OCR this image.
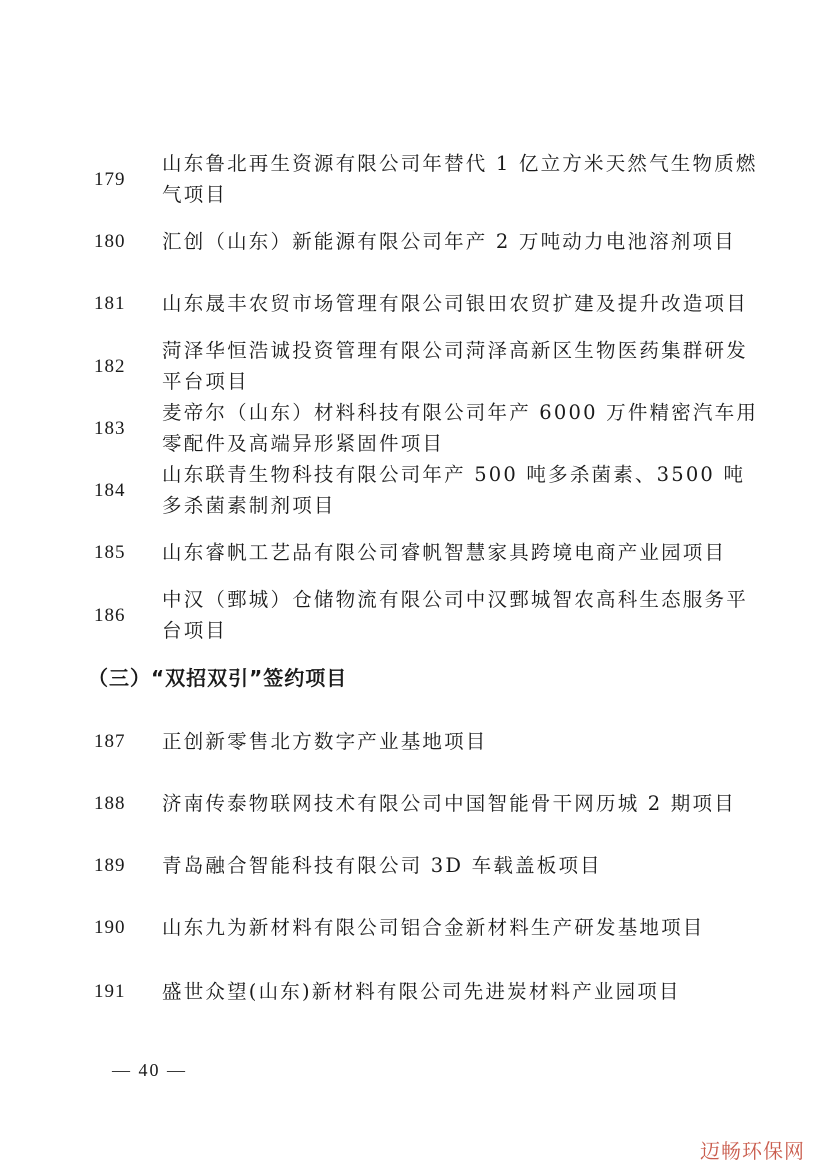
179

山东鲁北再生资源有限公司年替代 1 亿立方米天然气生物质燃气项目

180 汇创（山东）新能源有限公司年产 2 万吨动力电池溶剂项目

181 山东晟丰农贸市场管理有限公司银田农贸扩建及提升改造项目

182

菏泽华恒浩诚投资管理有限公司菏泽高新区生物医药集群研发平台项目

183

麦帝尔（山东）材料科技有限公司年产 6000 万件精密汽车用零配件及高端异形紧固件项目

184

山东联青生物科技有限公司年产 500 吨多杀菌素、3500 吨多杀菌素制剂项目

185 山东睿帆工艺品有限公司睿帆智慧家具跨境电商产业园项目

186

中汉（鄄城）仓储物流有限公司中汉鄄城智农高科生态服务平台项目

（三）“双招双引”签约项目
187 正创新零售北方数字产业基地项目

188 济南传泰物联网技术有限公司中国智能骨干网历城 2 期项目

189 青岛融合智能科技有限公司 3D 车载盖板项目

190 山东九为新材料有限公司铝合金新材料生产研发基地项目

191 盛世众望(山东)新材料有限公司先进炭材料产业园项目

— 40 —
迈畅环保网
